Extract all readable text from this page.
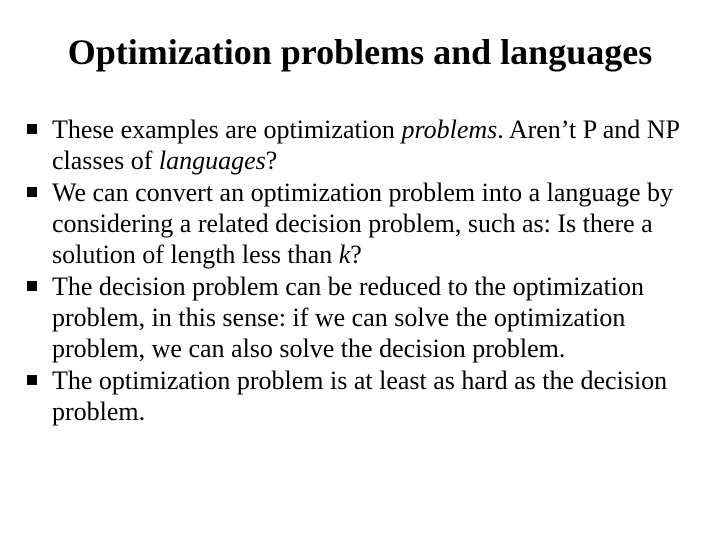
Optimization problems and languages
These examples are optimization problems. Aren’t P and NP classes of languages?
We can convert an optimization problem into a language by considering a related decision problem, such as: Is there a solution of length less than k?
The decision problem can be reduced to the optimization problem, in this sense: if we can solve the optimization problem, we can also solve the decision problem.
The optimization problem is at least as hard as the decision problem.
